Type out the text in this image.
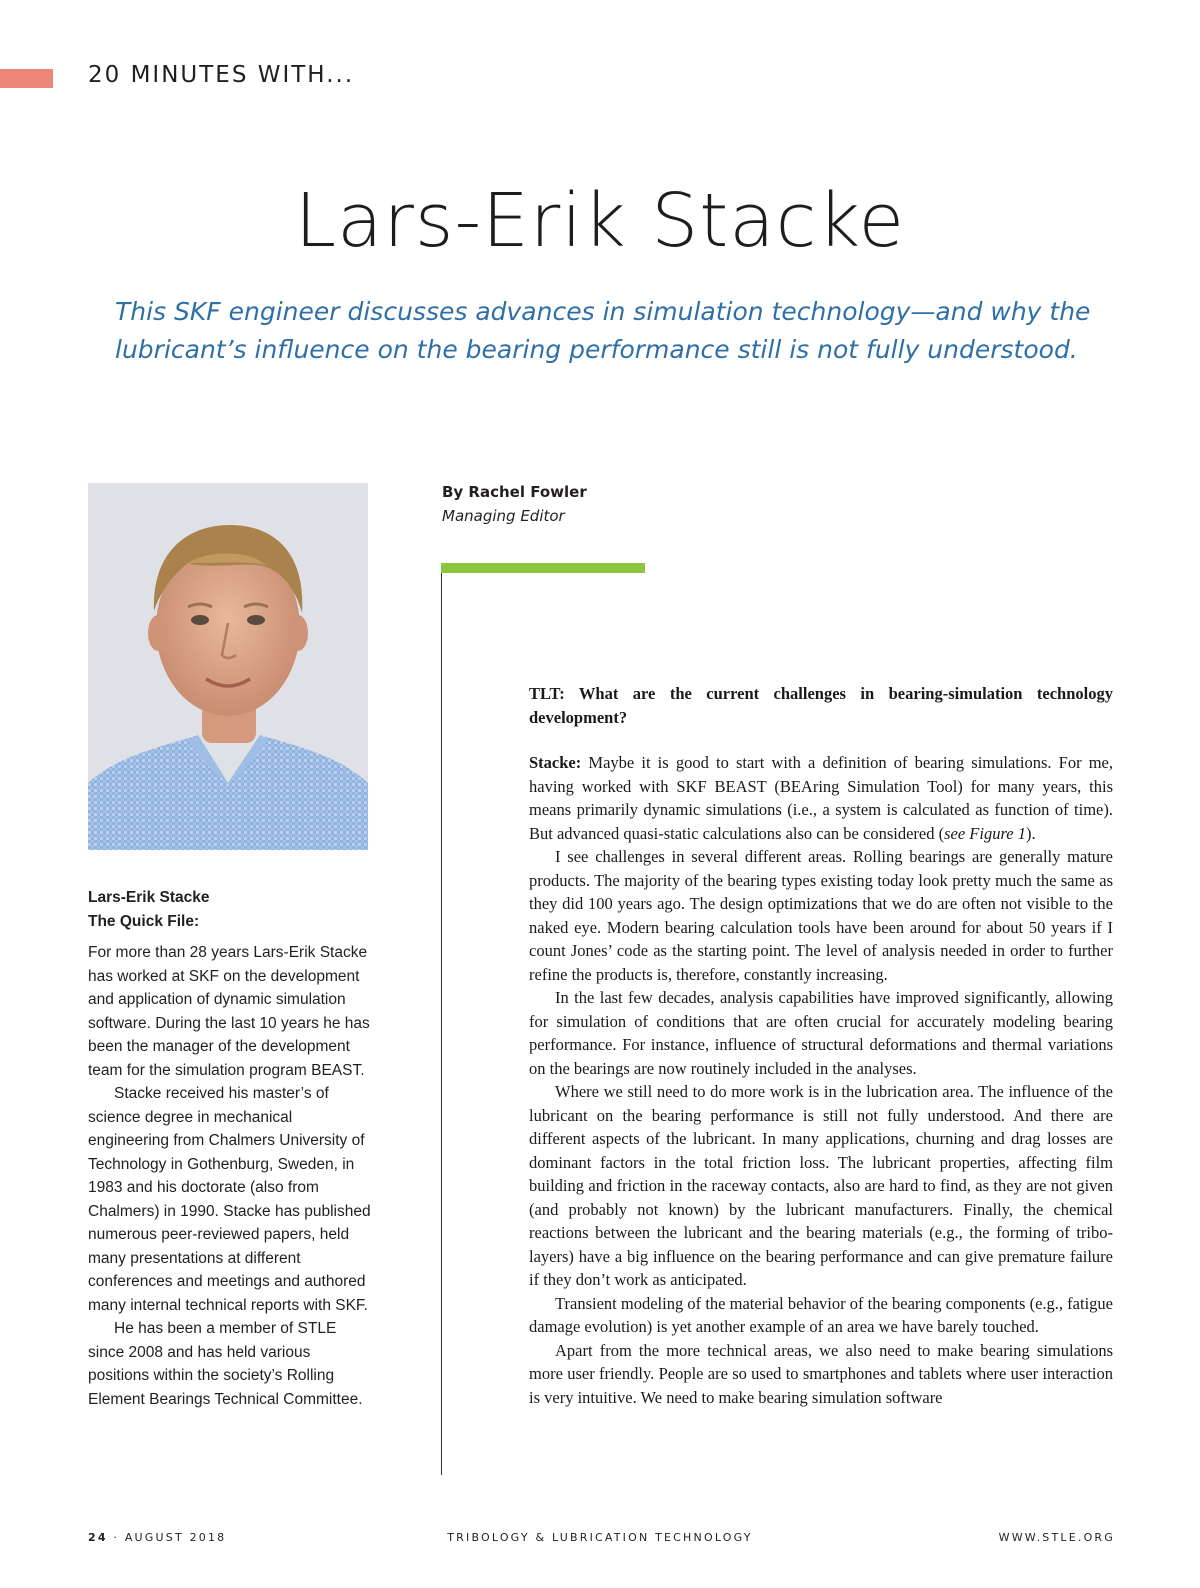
20 MINUTES WITH...
Lars-Erik Stacke
This SKF engineer discusses advances in simulation technology—and why the
lubricant’s influence on the bearing performance still is not fully understood.
By Rachel Fowler
Managing Editor
Lars-Erik Stacke
The Quick File:

For more than 28 years Lars-Erik Stacke has worked at SKF on the development and application of dynamic simulation software. During the last 10 years he has been the manager of the development team for the simulation program BEAST.

Stacke received his master’s of science degree in mechanical engineering from Chalmers University of Technology in Gothenburg, Sweden, in 1983 and his doctorate (also from Chalmers) in 1990. Stacke has published numerous peer-reviewed papers, held many presentations at different conferences and meetings and authored many internal technical reports with SKF.

He has been a member of STLE since 2008 and has held various positions within the society’s Rolling Element Bearings Technical Committee.

TLT: What are the current challenges in bearing-simulation technology development?

Stacke: Maybe it is good to start with a definition of bearing simulations. For me, having worked with SKF BEAST (BEAring Simulation Tool) for many years, this means primarily dynamic simulations (i.e., a system is calculated as function of time). But advanced quasi-static calculations also can be considered (see Figure 1).

I see challenges in several different areas. Rolling bearings are generally mature products. The majority of the bearing types existing today look pretty much the same as they did 100 years ago. The design optimizations that we do are often not visible to the naked eye. Modern bearing calculation tools have been around for about 50 years if I count Jones’ code as the starting point. The level of analysis needed in order to further refine the products is, therefore, constantly increasing.

In the last few decades, analysis capabilities have improved significantly, allowing for simulation of conditions that are often crucial for accurately modeling bearing performance. For instance, influence of structural deformations and thermal variations on the bearings are now routinely included in the analyses.

Where we still need to do more work is in the lubrication area. The influence of the lubricant on the bearing performance is still not fully understood. And there are different aspects of the lubricant. In many applications, churning and drag losses are dominant factors in the total friction loss. The lubricant properties, affecting film building and friction in the raceway contacts, also are hard to find, as they are not given (and probably not known) by the lubricant manufacturers. Finally, the chemical reactions between the lubricant and the bearing materials (e.g., the forming of tribo-layers) have a big influence on the bearing performance and can give premature failure if they don’t work as anticipated.

Transient modeling of the material behavior of the bearing components (e.g., fatigue damage evolution) is yet another example of an area we have barely touched.

Apart from the more technical areas, we also need to make bearing simulations more user friendly. People are so used to smartphones and tablets where user interaction is very intuitive. We need to make bearing simulation software

24 · AUGUST 2018	TRIBOLOGY & LUBRICATION TECHNOLOGY	WWW.STLE.ORG
